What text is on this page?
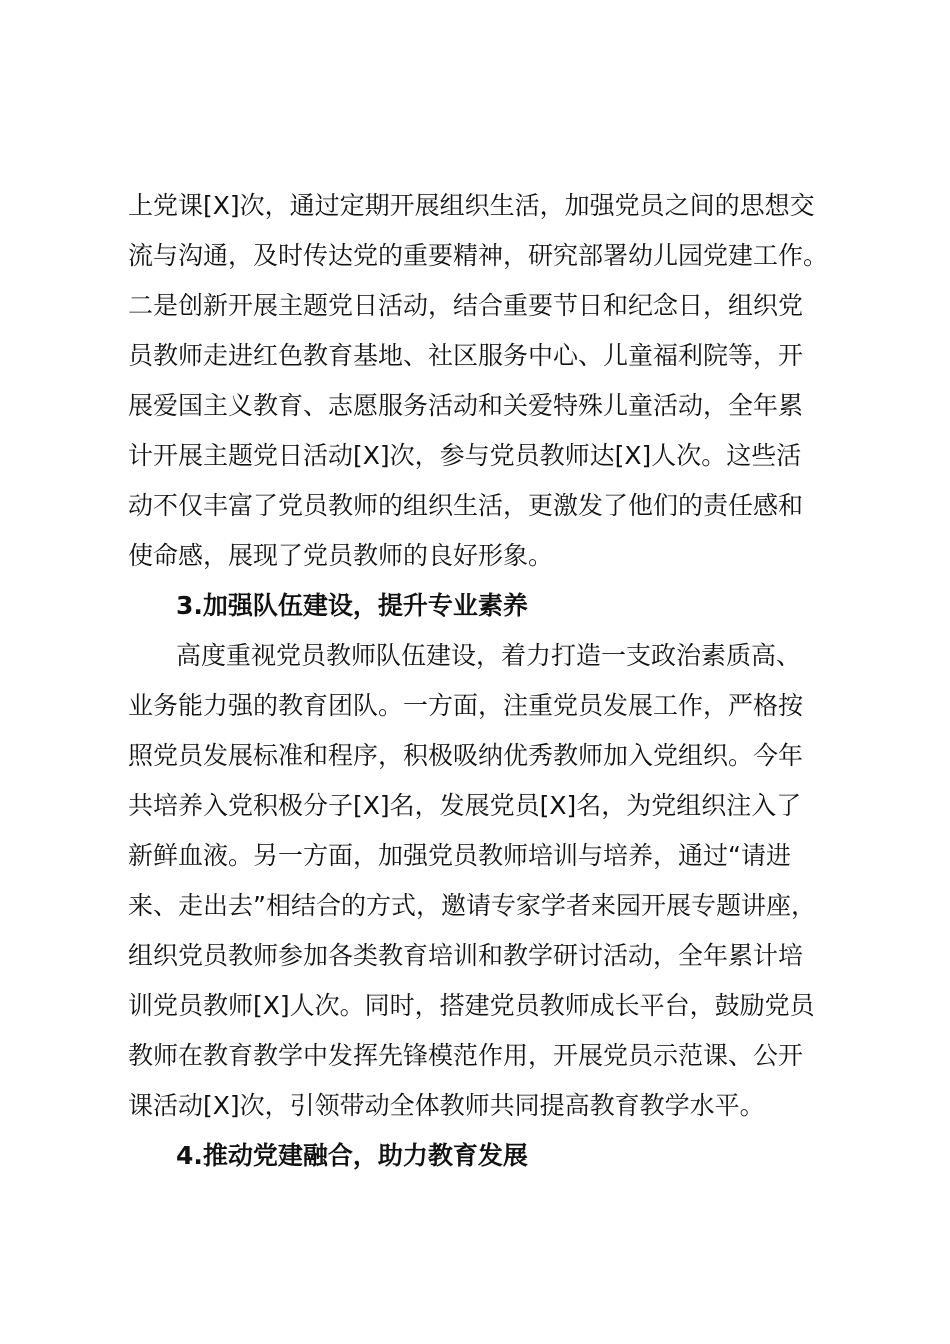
上党课[X]次，通过定期开展组织生活，加强党员之间的思想交
流与沟通，及时传达党的重要精神，研究部署幼儿园党建工作。
二是创新开展主题党日活动，结合重要节日和纪念日，组织党
员教师走进红色教育基地、社区服务中心、儿童福利院等，开
展爱国主义教育、志愿服务活动和关爱特殊儿童活动，全年累
计开展主题党日活动[X]次，参与党员教师达[X]人次。这些活
动不仅丰富了党员教师的组织生活，更激发了他们的责任感和
使命感，展现了党员教师的良好形象。
3.加强队伍建设，提升专业素养
高度重视党员教师队伍建设，着力打造一支政治素质高、
业务能力强的教育团队。一方面，注重党员发展工作，严格按
照党员发展标准和程序，积极吸纳优秀教师加入党组织。今年
共培养入党积极分子[X]名，发展党员[X]名，为党组织注入了
新鲜血液。另一方面，加强党员教师培训与培养，通过“请进
来、走出去”相结合的方式，邀请专家学者来园开展专题讲座，
组织党员教师参加各类教育培训和教学研讨活动，全年累计培
训党员教师[X]人次。同时，搭建党员教师成长平台，鼓励党员
教师在教育教学中发挥先锋模范作用，开展党员示范课、公开
课活动[X]次，引领带动全体教师共同提高教育教学水平。
4.推动党建融合，助力教育发展
